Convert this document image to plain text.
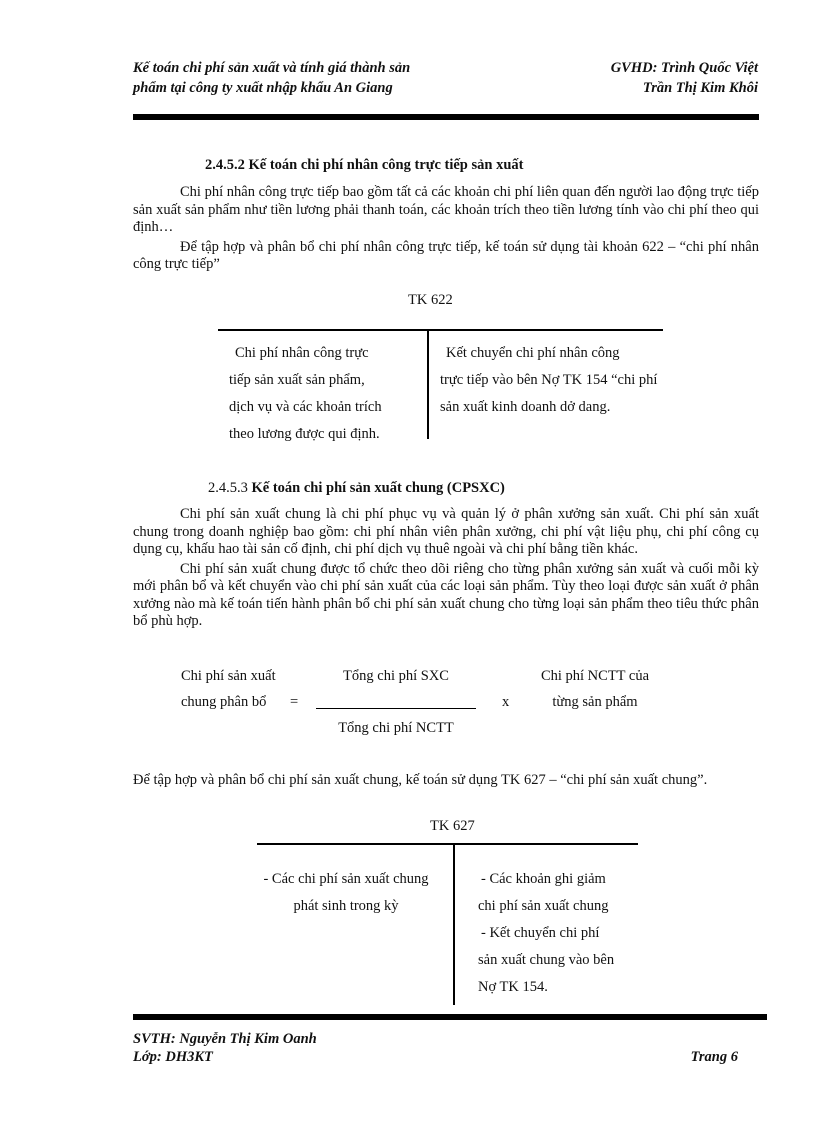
Kế toán chi phí sản xuất và tính giá thành sản
phẩm tại công ty xuất nhập khẩu An Giang
GVHD: Trình Quốc Việt
Trần Thị Kim Khôi
2.4.5.2 Kế toán chi phí nhân công trực tiếp sản xuất

Chi phí nhân công trực tiếp bao gồm tất cả các khoản chi phí liên quan đến người lao động trực tiếp sản xuất sản phẩm như tiền lương phải thanh toán, các khoản trích theo tiền lương tính vào chi phí theo qui định…

Để tập hợp và phân bổ chi phí nhân công trực tiếp, kế toán sử dụng tài khoản 622 – “chi phí nhân công trực tiếp”

TK 622
Chi phí nhân công trực
tiếp sản xuất sản phẩm,
dịch vụ và các khoản trích
theo lương được qui định.
Kết chuyển chi phí nhân công
trực tiếp vào bên Nợ TK 154 “chi phí
sản xuất kinh doanh dở dang.
2.4.5.3 Kế toán chi phí sản xuất chung (CPSXC)

Chi phí sản xuất chung là chi phí phục vụ và quản lý ở phân xưởng sản xuất. Chi phí sản xuất chung trong doanh nghiệp bao gồm: chi phí nhân viên phân xưởng, chi phí vật liệu phụ, chi phí công cụ dụng cụ, khấu hao tài sản cố định, chi phí dịch vụ thuê ngoài và chi phí bằng tiền khác.

Chi phí sản xuất chung được tổ chức theo dõi riêng cho từng phân xưởng sản xuất và cuối mỗi kỳ mới phân bổ và kết chuyển vào chi phí sản xuất của các loại sản phẩm. Tùy theo loại được sản xuất ở phân xưởng nào mà kế toán tiến hành phân bổ chi phí sản xuất chung cho từng loại sản phẩm theo tiêu thức phân bổ phù hợp.

Chi phí sản xuất
chung phân bổ =
Tổng chi phí SXC
Tổng chi phí NCTT
x
Chi phí NCTT của
từng sản phẩm

Để tập hợp và phân bổ chi phí sản xuất chung, kế toán sử dụng TK 627 – “chi phí sản xuất chung”.

TK 627
- Các chi phí sản xuất chung
phát sinh trong kỳ
- Các khoản ghi giảm
chi phí sản xuất chung
- Kết chuyển chi phí
sản xuất chung vào bên
Nợ TK 154.
SVTH: Nguyễn Thị Kim Oanh
Lớp: DH3KT	Trang 6
